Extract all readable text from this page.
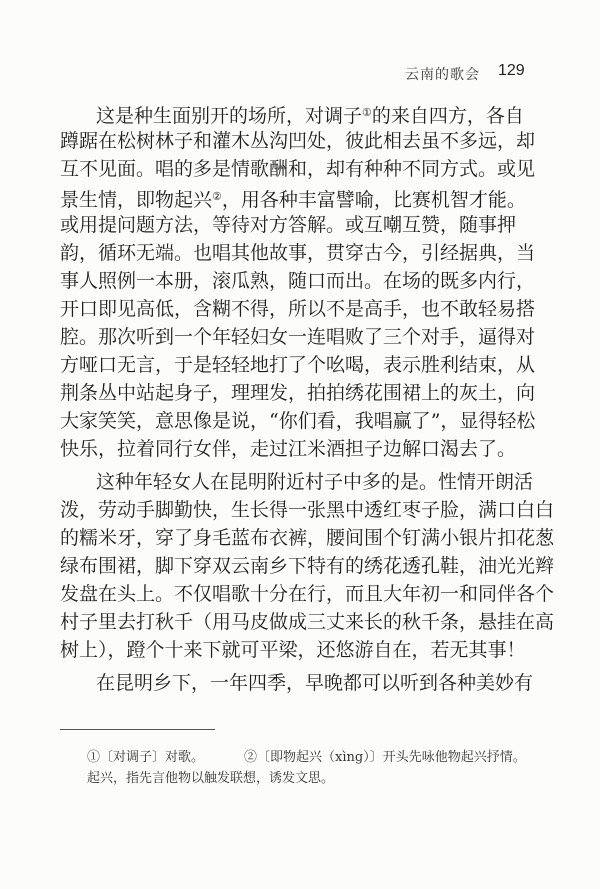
云南的歌会 129
这是种生面别开的场所，对调子①的来自四方，各自
蹲踞在松树林子和灌木丛沟凹处，彼此相去虽不多远，却
互不见面。唱的多是情歌酬和，却有种种不同方式。或见
景生情，即物起兴②，用各种丰富譬喻，比赛机智才能。
或用提问题方法，等待对方答解。或互嘲互赞，随事押
韵，循环无端。也唱其他故事，贯穿古今，引经据典，当
事人照例一本册，滚瓜熟，随口而出。在场的既多内行，
开口即见高低，含糊不得，所以不是高手，也不敢轻易搭
腔。那次听到一个年轻妇女一连唱败了三个对手，逼得对
方哑口无言，于是轻轻地打了个吆喝，表示胜利结束，从
荆条丛中站起身子，理理发，拍拍绣花围裙上的灰土，向
大家笑笑，意思像是说，“你们看，我唱赢了”，显得轻松
快乐，拉着同行女伴，走过江米酒担子边解口渴去了。
这种年轻女人在昆明附近村子中多的是。性情开朗活
泼，劳动手脚勤快，生长得一张黑中透红枣子脸，满口白白
的糯米牙，穿了身毛蓝布衣裤，腰间围个钉满小银片扣花葱
绿布围裙，脚下穿双云南乡下特有的绣花透孔鞋，油光光辫
发盘在头上。不仅唱歌十分在行，而且大年初一和同伴各个
村子里去打秋千（用马皮做成三丈来长的秋千条，悬挂在高
树上），蹬个十来下就可平梁，还悠游自在，若无其事！
在昆明乡下，一年四季，早晚都可以听到各种美妙有
①〔对调子〕对歌。	②〔即物起兴（xìng）〕开头先咏他物起兴抒情。
起兴，指先言他物以触发联想，诱发文思。
